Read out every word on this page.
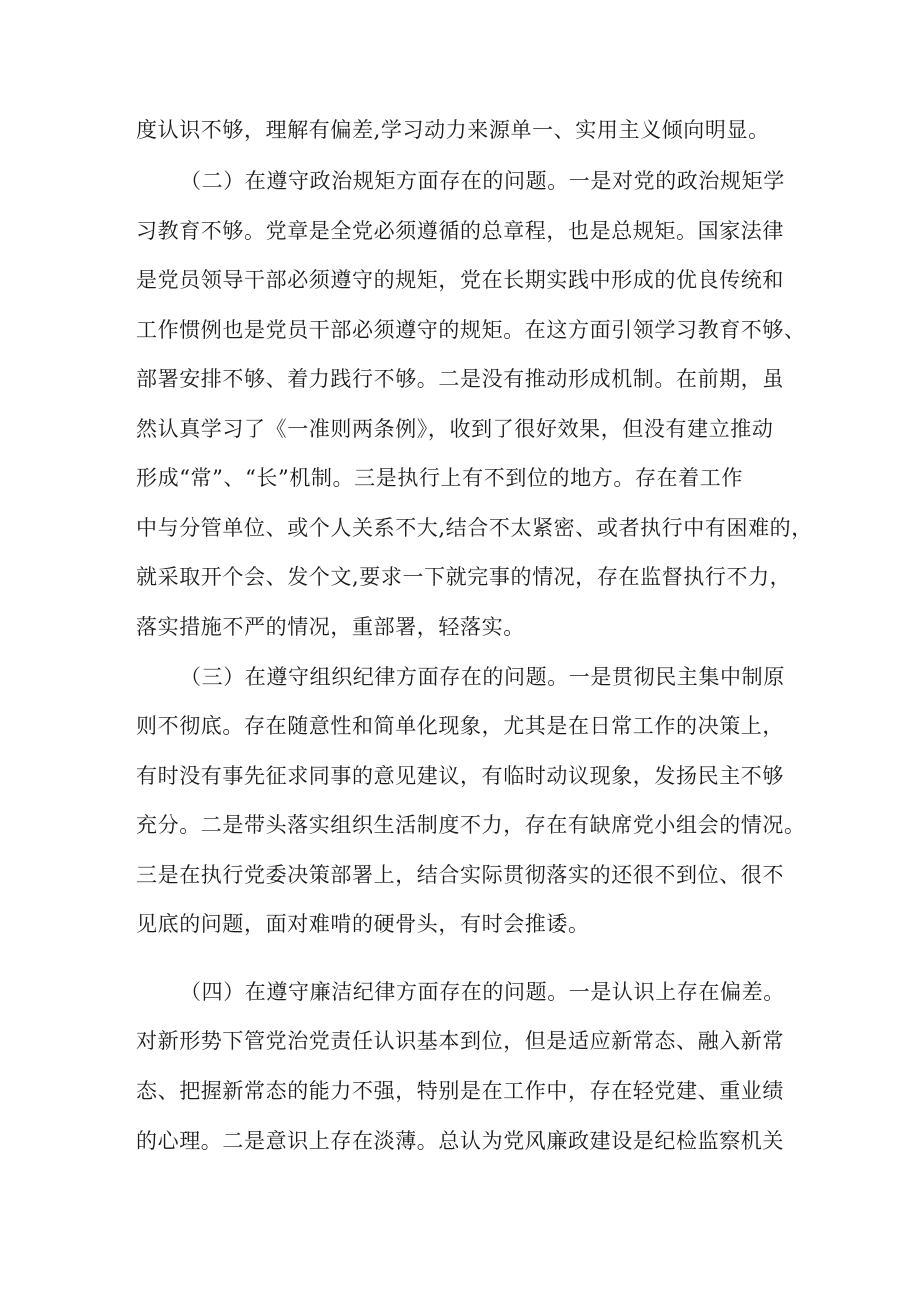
度认识不够，理解有偏差,学习动力来源单一、实用主义倾向明显。
（二）在遵守政治规矩方面存在的问题。一是对党的政治规矩学
习教育不够。党章是全党必须遵循的总章程，也是总规矩。国家法律
是党员领导干部必须遵守的规矩，党在长期实践中形成的优良传统和
工作惯例也是党员干部必须遵守的规矩。在这方面引领学习教育不够、
部署安排不够、着力践行不够。二是没有推动形成机制。在前期，虽
然认真学习了《一准则两条例》，收到了很好效果，但没有建立推动
形成“常”、“长”机制。三是执行上有不到位的地方。存在着工作
中与分管单位、或个人关系不大,结合不太紧密、或者执行中有困难的，
就采取开个会、发个文,要求一下就完事的情况，存在监督执行不力，
落实措施不严的情况，重部署，轻落实。
（三）在遵守组织纪律方面存在的问题。一是贯彻民主集中制原
则不彻底。存在随意性和简单化现象，尤其是在日常工作的决策上，
有时没有事先征求同事的意见建议，有临时动议现象，发扬民主不够
充分。二是带头落实组织生活制度不力，存在有缺席党小组会的情况。
三是在执行党委决策部署上，结合实际贯彻落实的还很不到位、很不
见底的问题，面对难啃的硬骨头，有时会推诿。
（四）在遵守廉洁纪律方面存在的问题。一是认识上存在偏差。
对新形势下管党治党责任认识基本到位，但是适应新常态、融入新常
态、把握新常态的能力不强，特别是在工作中，存在轻党建、重业绩
的心理。二是意识上存在淡薄。总认为党风廉政建设是纪检监察机关
